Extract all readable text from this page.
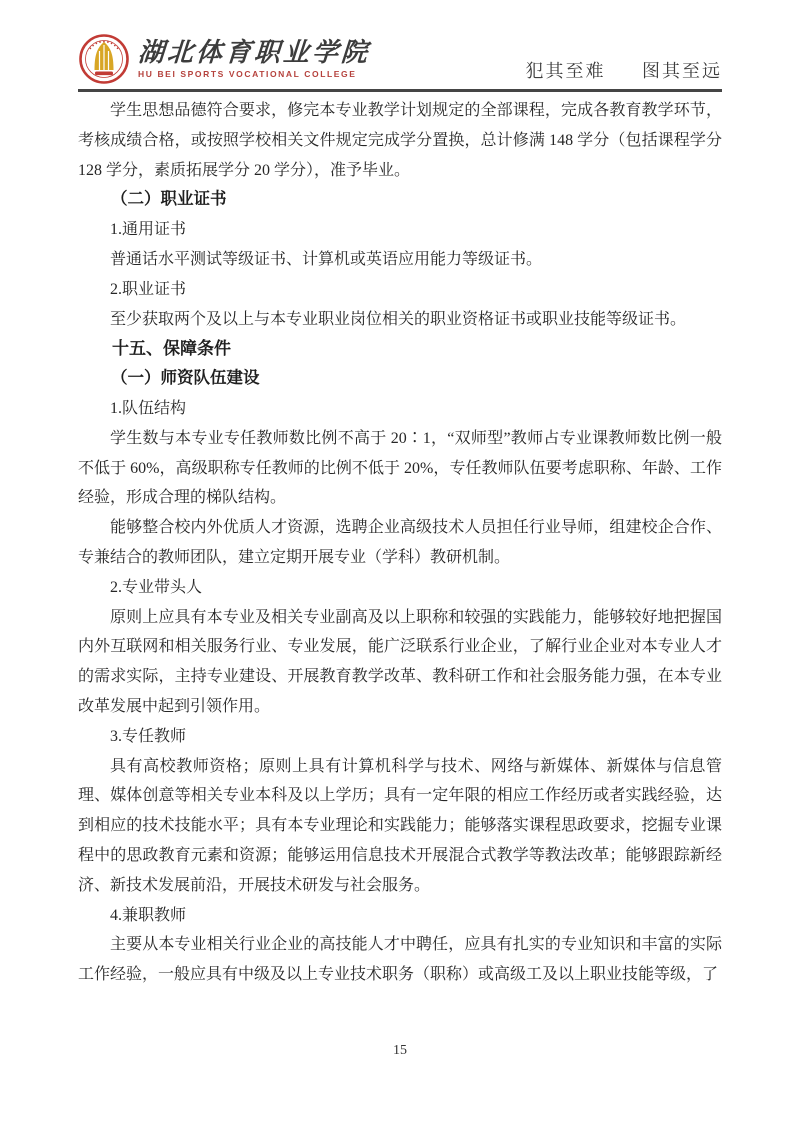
湖北体育职业学院
HU BEI SPORTS VOCATIONAL COLLEGE	犯其至难 图其至远

学生思想品德符合要求，修完本专业教学计划规定的全部课程，完成各教育教学环节，考核成绩合格，或按照学校相关文件规定完成学分置换，总计修满 148 学分（包括课程学分 128 学分，素质拓展学分 20 学分），准予毕业。

（二）职业证书

1.通用证书

普通话水平测试等级证书、计算机或英语应用能力等级证书。

2.职业证书

至少获取两个及以上与本专业职业岗位相关的职业资格证书或职业技能等级证书。

十五、保障条件

（一）师资队伍建设

1.队伍结构

学生数与本专业专任教师数比例不高于 20∶1，“双师型”教师占专业课教师数比例一般不低于 60%，高级职称专任教师的比例不低于 20%，专任教师队伍要考虑职称、年龄、工作经验，形成合理的梯队结构。

能够整合校内外优质人才资源，选聘企业高级技术人员担任行业导师，组建校企合作、专兼结合的教师团队，建立定期开展专业（学科）教研机制。

2.专业带头人

原则上应具有本专业及相关专业副高及以上职称和较强的实践能力，能够较好地把握国内外互联网和相关服务行业、专业发展，能广泛联系行业企业，了解行业企业对本专业人才的需求实际，主持专业建设、开展教育教学改革、教科研工作和社会服务能力强，在本专业改革发展中起到引领作用。

3.专任教师

具有高校教师资格；原则上具有计算机科学与技术、网络与新媒体、新媒体与信息管理、媒体创意等相关专业本科及以上学历；具有一定年限的相应工作经历或者实践经验，达到相应的技术技能水平；具有本专业理论和实践能力；能够落实课程思政要求，挖掘专业课程中的思政教育元素和资源；能够运用信息技术开展混合式教学等教法改革；能够跟踪新经济、新技术发展前沿，开展技术研发与社会服务。

4.兼职教师

主要从本专业相关行业企业的高技能人才中聘任，应具有扎实的专业知识和丰富的实际工作经验，一般应具有中级及以上专业技术职务（职称）或高级工及以上职业技能等级，了

15
